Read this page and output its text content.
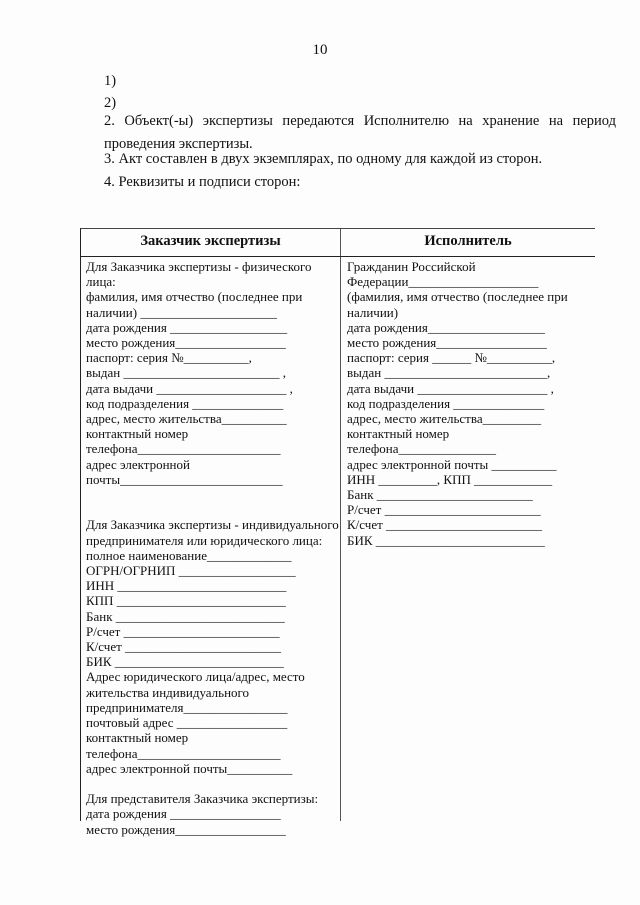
10
1)
2)
2. Объект(-ы) экспертизы передаются Исполнителю на хранение на период проведения экспертизы.
3. Акт составлен в двух экземплярах, по одному для каждой из сторон.
4. Реквизиты и подписи сторон:
Заказчик экспертизы	Исполнитель
Для Заказчика экспертизы - физического
лица:
фамилия, имя отчество (последнее при
наличии) _____________________
дата рождения __________________
место рождения_________________
паспорт: серия №__________,
выдан ________________________ ,
дата выдачи ____________________ ,
код подразделения ______________
адрес, место жительства__________
контактный номер
телефона______________________
адрес электронной
почты_________________________

Для Заказчика экспертизы - индивидуального
предпринимателя или юридического лица:
полное наименование_____________
ОГРН/ОГРНИП __________________
ИНН __________________________
КПП __________________________
Банк __________________________
Р/счет ________________________
К/счет ________________________
БИК __________________________
Адрес юридического лица/адрес, место
жительства индивидуального
предпринимателя________________
почтовый адрес _________________
контактный номер
телефона______________________
адрес электронной почты__________

Для представителя Заказчика экспертизы:
дата рождения _________________
место рождения_________________
Гражданин Российской
Федерации____________________
(фамилия, имя отчество (последнее при
наличии)
дата рождения__________________
место рождения_________________
паспорт: серия ______ №__________,
выдан _________________________,
дата выдачи ____________________ ,
код подразделения ______________
адрес, место жительства_________
контактный номер
телефона_______________
адрес электронной почты __________
ИНН _________, КПП ____________
Банк ________________________
Р/счет ________________________
К/счет ________________________
БИК __________________________
